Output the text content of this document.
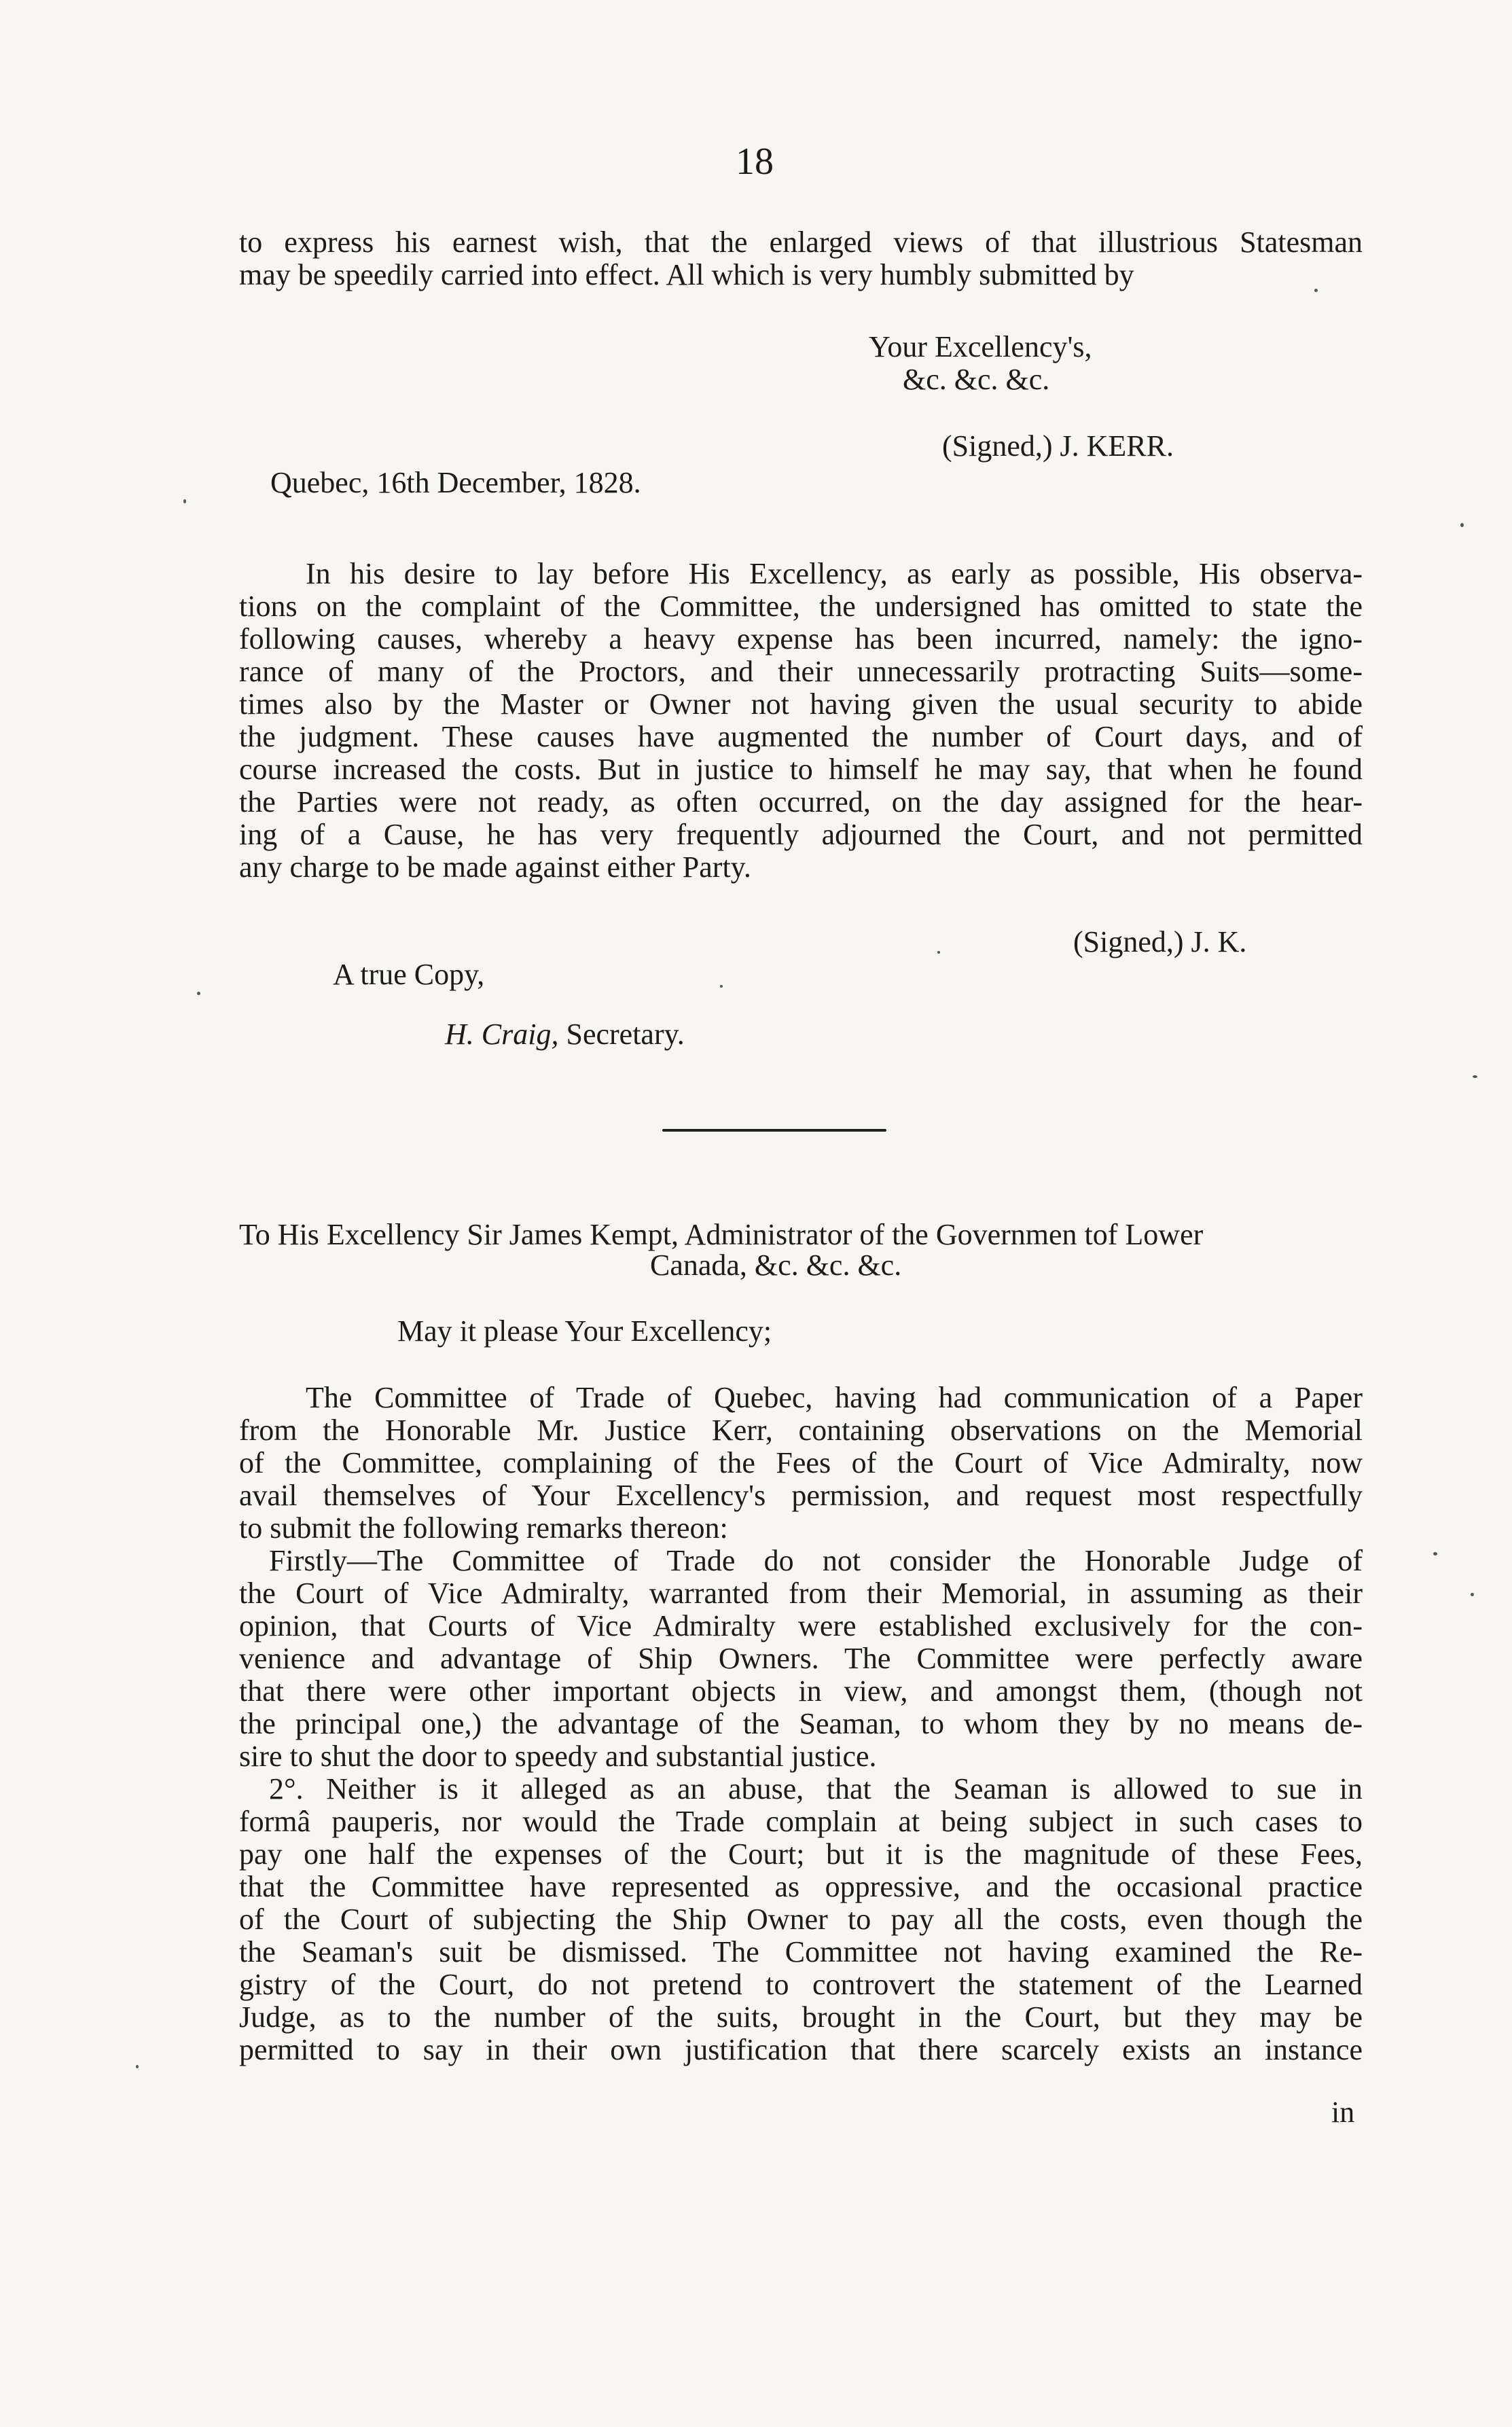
18
to express his earnest wish, that the enlarged views of that illustrious Statesman
may be speedily carried into effect. All which is very humbly submitted by
Your Excellency's,
&c. &c. &c.
(Signed,) J. KERR.
Quebec, 16th December, 1828.
In his desire to lay before His Excellency, as early as possible, His observa-
tions on the complaint of the Committee, the undersigned has omitted to state the
following causes, whereby a heavy expense has been incurred, namely: the igno-
rance of many of the Proctors, and their unnecessarily protracting Suits—some-
times also by the Master or Owner not having given the usual security to abide
the judgment. These causes have augmented the number of Court days, and of
course increased the costs. But in justice to himself he may say, that when he found
the Parties were not ready, as often occurred, on the day assigned for the hear-
ing of a Cause, he has very frequently adjourned the Court, and not permitted
any charge to be made against either Party.
(Signed,) J. K.
A true Copy,
H. Craig, Secretary.
To His Excellency Sir James Kempt, Administrator of the Governmen tof Lower
Canada, &c. &c. &c.
May it please Your Excellency;
The Committee of Trade of Quebec, having had communication of a Paper
from the Honorable Mr. Justice Kerr, containing observations on the Memorial
of the Committee, complaining of the Fees of the Court of Vice Admiralty, now
avail themselves of Your Excellency's permission, and request most respectfully
to submit the following remarks thereon:
Firstly—The Committee of Trade do not consider the Honorable Judge of
the Court of Vice Admiralty, warranted from their Memorial, in assuming as their
opinion, that Courts of Vice Admiralty were established exclusively for the con-
venience and advantage of Ship Owners. The Committee were perfectly aware
that there were other important objects in view, and amongst them, (though not
the principal one,) the advantage of the Seaman, to whom they by no means de-
sire to shut the door to speedy and substantial justice.
2°. Neither is it alleged as an abuse, that the Seaman is allowed to sue in
formâ pauperis, nor would the Trade complain at being subject in such cases to
pay one half the expenses of the Court; but it is the magnitude of these Fees,
that the Committee have represented as oppressive, and the occasional practice
of the Court of subjecting the Ship Owner to pay all the costs, even though the
the Seaman's suit be dismissed. The Committee not having examined the Re-
gistry of the Court, do not pretend to controvert the statement of the Learned
Judge, as to the number of the suits, brought in the Court, but they may be
permitted to say in their own justification that there scarcely exists an instance
in
